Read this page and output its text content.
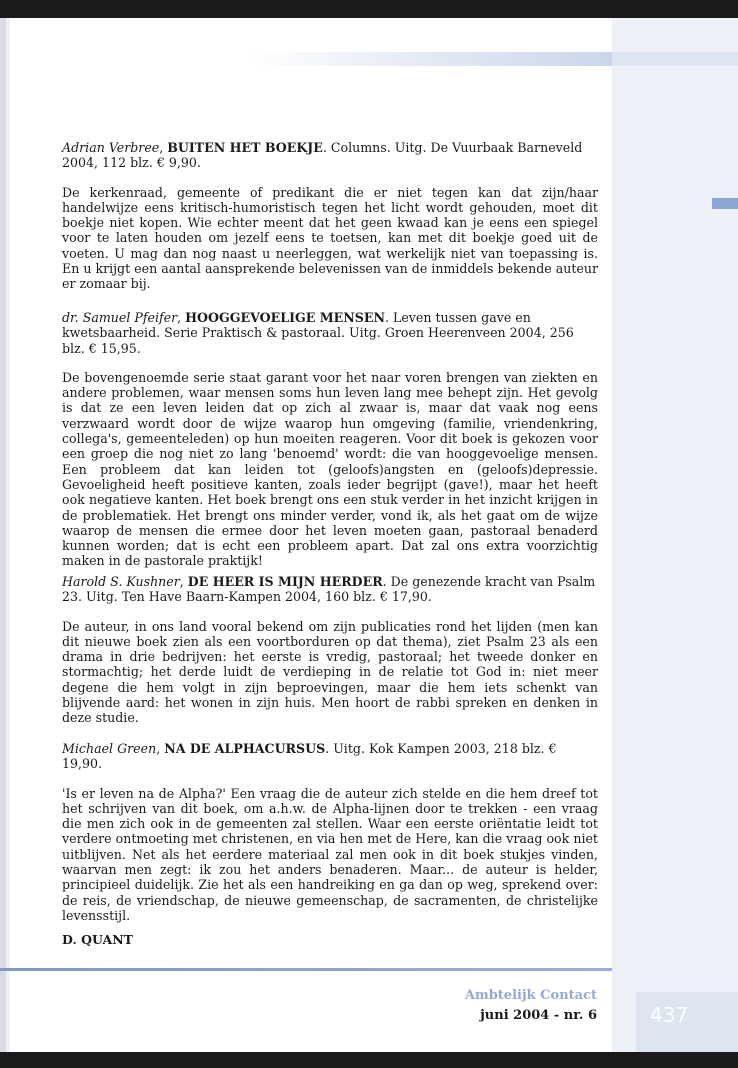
Adrian Verbree, BUITEN HET BOEKJE. Columns. Uitg. De Vuurbaak Barneveld 2004, 112 blz. € 9,90.

De kerkenraad, gemeente of predikant die er niet tegen kan dat zijn/haar handelwijze eens kritisch-humoristisch tegen het licht wordt gehouden, moet dit boekje niet kopen. Wie echter meent dat het geen kwaad kan je eens een spiegel voor te laten houden om jezelf eens te toetsen, kan met dit boekje goed uit de voeten. U mag dan nog naast u neerleggen, wat werkelijk niet van toepassing is. En u krijgt een aantal aansprekende belevenissen van de inmiddels bekende auteur er zomaar bij.

dr. Samuel Pfeifer, HOOGGEVOELIGE MENSEN. Leven tussen gave en kwetsbaarheid. Serie Praktisch & pastoraal. Uitg. Groen Heerenveen 2004, 256 blz. € 15,95.

De bovengenoemde serie staat garant voor het naar voren brengen van ziekten en andere problemen, waar mensen soms hun leven lang mee behept zijn. Het gevolg is dat ze een leven leiden dat op zich al zwaar is, maar dat vaak nog eens verzwaard wordt door de wijze waarop hun omgeving (familie, vriendenkring, collega's, gemeenteleden) op hun moeiten reageren. Voor dit boek is gekozen voor een groep die nog niet zo lang 'benoemd' wordt: die van hooggevoelige mensen. Een probleem dat kan leiden tot (geloofs)angsten en (geloofs)depressie. Gevoeligheid heeft positieve kanten, zoals ieder begrijpt (gave!), maar het heeft ook negatieve kanten. Het boek brengt ons een stuk verder in het inzicht krijgen in de problematiek. Het brengt ons minder verder, vond ik, als het gaat om de wijze waarop de mensen die ermee door het leven moeten gaan, pastoraal benaderd kunnen worden; dat is echt een probleem apart. Dat zal ons extra voorzichtig maken in de pastorale praktijk!

Harold S. Kushner, DE HEER IS MIJN HERDER. De genezende kracht van Psalm 23. Uitg. Ten Have Baarn-Kampen 2004, 160 blz. € 17,90.

De auteur, in ons land vooral bekend om zijn publicaties rond het lijden (men kan dit nieuwe boek zien als een voortborduren op dat thema), ziet Psalm 23 als een drama in drie bedrijven: het eerste is vredig, pastoraal; het tweede donker en stormachtig; het derde luidt de verdieping in de relatie tot God in: niet meer degene die hem volgt in zijn beproevingen, maar die hem iets schenkt van blijvende aard: het wonen in zijn huis. Men hoort de rabbi spreken en denken in deze studie.

Michael Green, NA DE ALPHACURSUS. Uitg. Kok Kampen 2003, 218 blz. € 19,90.

'Is er leven na de Alpha?' Een vraag die de auteur zich stelde en die hem dreef tot het schrijven van dit boek, om a.h.w. de Alpha-lijnen door te trekken - een vraag die men zich ook in de gemeenten zal stellen. Waar een eerste oriëntatie leidt tot verdere ontmoeting met christenen, en via hen met de Here, kan die vraag ook niet uitblijven. Net als het eerdere materiaal zal men ook in dit boek stukjes vinden, waarvan men zegt: ik zou het anders benaderen. Maar... de auteur is helder, principieel duidelijk. Zie het als een handreiking en ga dan op weg, sprekend over: de reis, de vriendschap, de nieuwe gemeenschap, de sacramenten, de christelijke levensstijl.

D. QUANT

Ambtelijk Contact
juni 2004 - nr. 6	437
